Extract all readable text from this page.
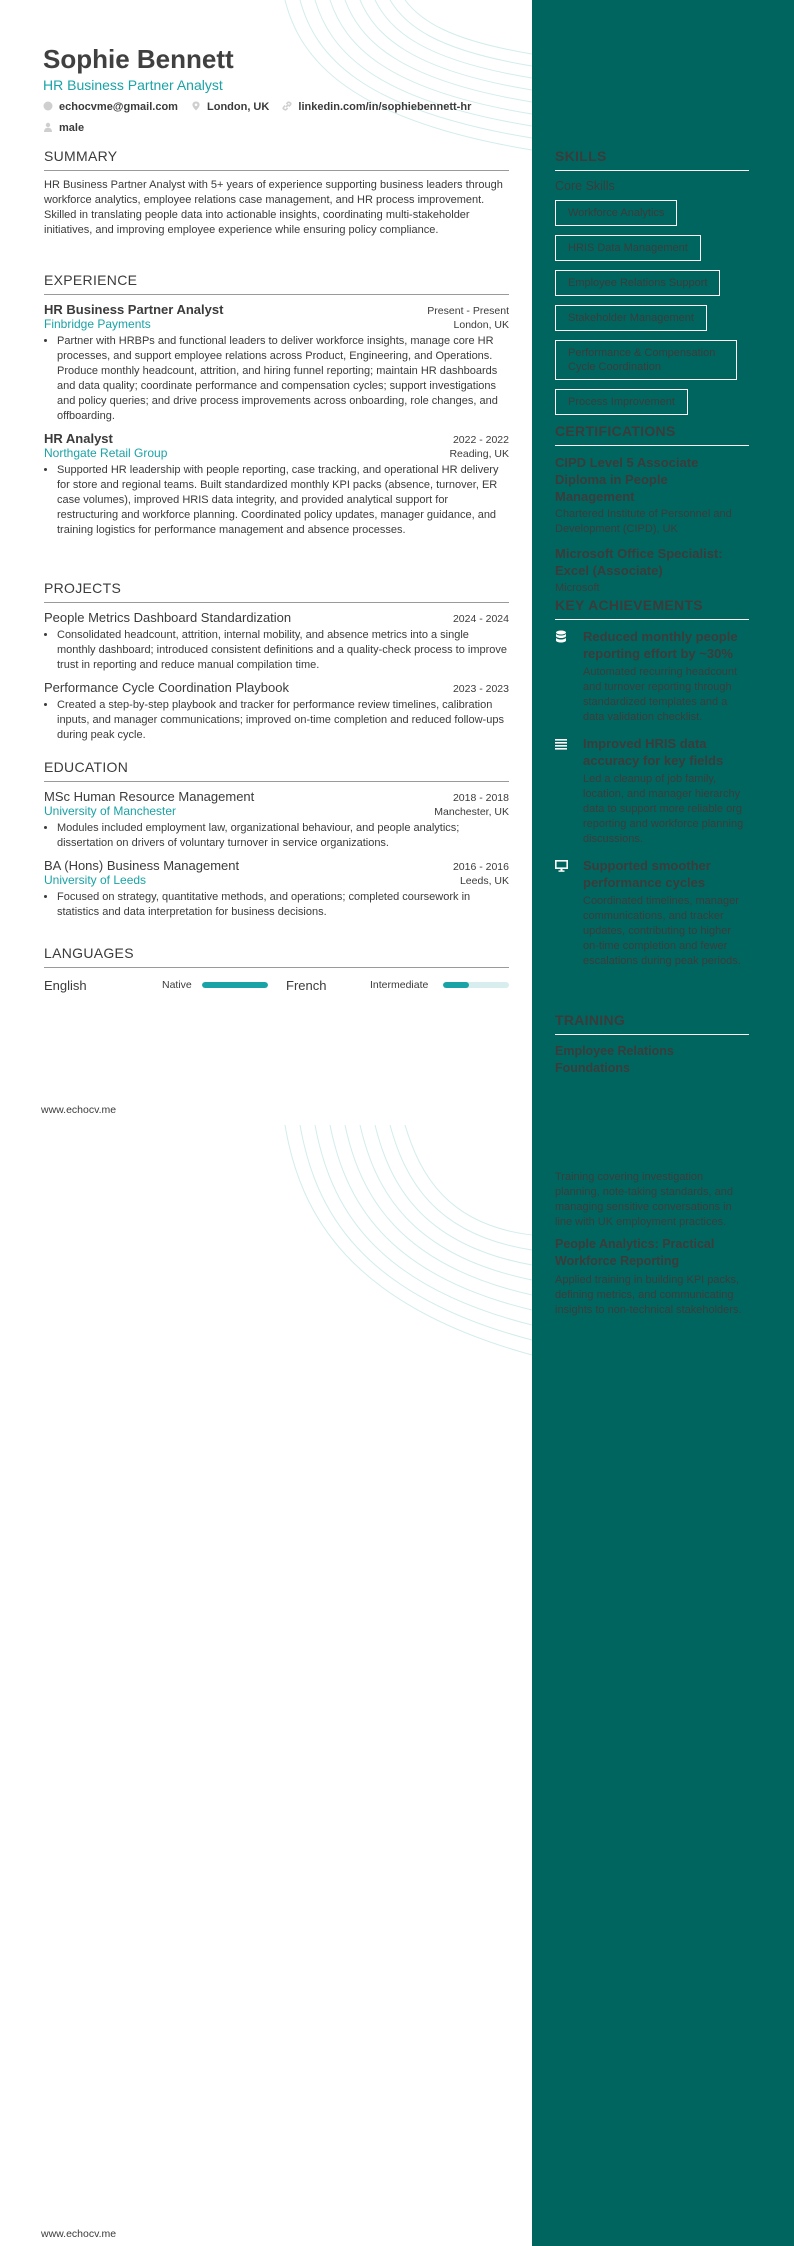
Sophie Bennett
HR Business Partner Analyst
echocvme@gmail.com	London, UK	linkedin.com/in/sophiebennett-hr
male
SUMMARY
HR Business Partner Analyst with 5+ years of experience supporting business leaders through workforce analytics, employee relations case management, and HR process improvement. Skilled in translating people data into actionable insights, coordinating multi-stakeholder initiatives, and improving employee experience while ensuring policy compliance.
EXPERIENCE
HR Business Partner Analyst	Present - Present
Finbridge Payments	London, UK
• Partner with HRBPs and functional leaders to deliver workforce insights, manage core HR processes, and support employee relations across Product, Engineering, and Operations. Produce monthly headcount, attrition, and hiring funnel reporting; maintain HR dashboards and data quality; coordinate performance and compensation cycles; support investigations and policy queries; and drive process improvements across onboarding, role changes, and offboarding.
HR Analyst	2022 - 2022
Northgate Retail Group	Reading, UK
• Supported HR leadership with people reporting, case tracking, and operational HR delivery for store and regional teams. Built standardized monthly KPI packs (absence, turnover, ER case volumes), improved HRIS data integrity, and provided analytical support for restructuring and workforce planning. Coordinated policy updates, manager guidance, and training logistics for performance management and absence processes.
PROJECTS
People Metrics Dashboard Standardization	2024 - 2024
• Consolidated headcount, attrition, internal mobility, and absence metrics into a single monthly dashboard; introduced consistent definitions and a quality-check process to improve trust in reporting and reduce manual compilation time.
Performance Cycle Coordination Playbook	2023 - 2023
• Created a step-by-step playbook and tracker for performance review timelines, calibration inputs, and manager communications; improved on-time completion and reduced follow-ups during peak cycle.
EDUCATION
MSc Human Resource Management	2018 - 2018
University of Manchester	Manchester, UK
• Modules included employment law, organizational behaviour, and people analytics; dissertation on drivers of voluntary turnover in service organizations.
BA (Hons) Business Management	2016 - 2016
University of Leeds	Leeds, UK
• Focused on strategy, quantitative methods, and operations; completed coursework in statistics and data interpretation for business decisions.
LANGUAGES
English	Native	French	Intermediate
www.echocv.me
www.echocv.me
SKILLS
Core Skills
Workforce Analytics
HRIS Data Management
Employee Relations Support
Stakeholder Management
Performance & Compensation Cycle Coordination
Process Improvement
CERTIFICATIONS
CIPD Level 5 Associate Diploma in People Management
Chartered Institute of Personnel and Development (CIPD), UK
Microsoft Office Specialist: Excel (Associate)
Microsoft
KEY ACHIEVEMENTS
Reduced monthly people reporting effort by ~30%
Automated recurring headcount and turnover reporting through standardized templates and a data validation checklist.
Improved HRIS data accuracy for key fields
Led a cleanup of job family, location, and manager hierarchy data to support more reliable org reporting and workforce planning discussions.
Supported smoother performance cycles
Coordinated timelines, manager communications, and tracker updates, contributing to higher on-time completion and fewer escalations during peak periods.
TRAINING
Employee Relations Foundations
Training covering investigation planning, note-taking standards, and managing sensitive conversations in line with UK employment practices.
People Analytics: Practical Workforce Reporting
Applied training in building KPI packs, defining metrics, and communicating insights to non-technical stakeholders.
